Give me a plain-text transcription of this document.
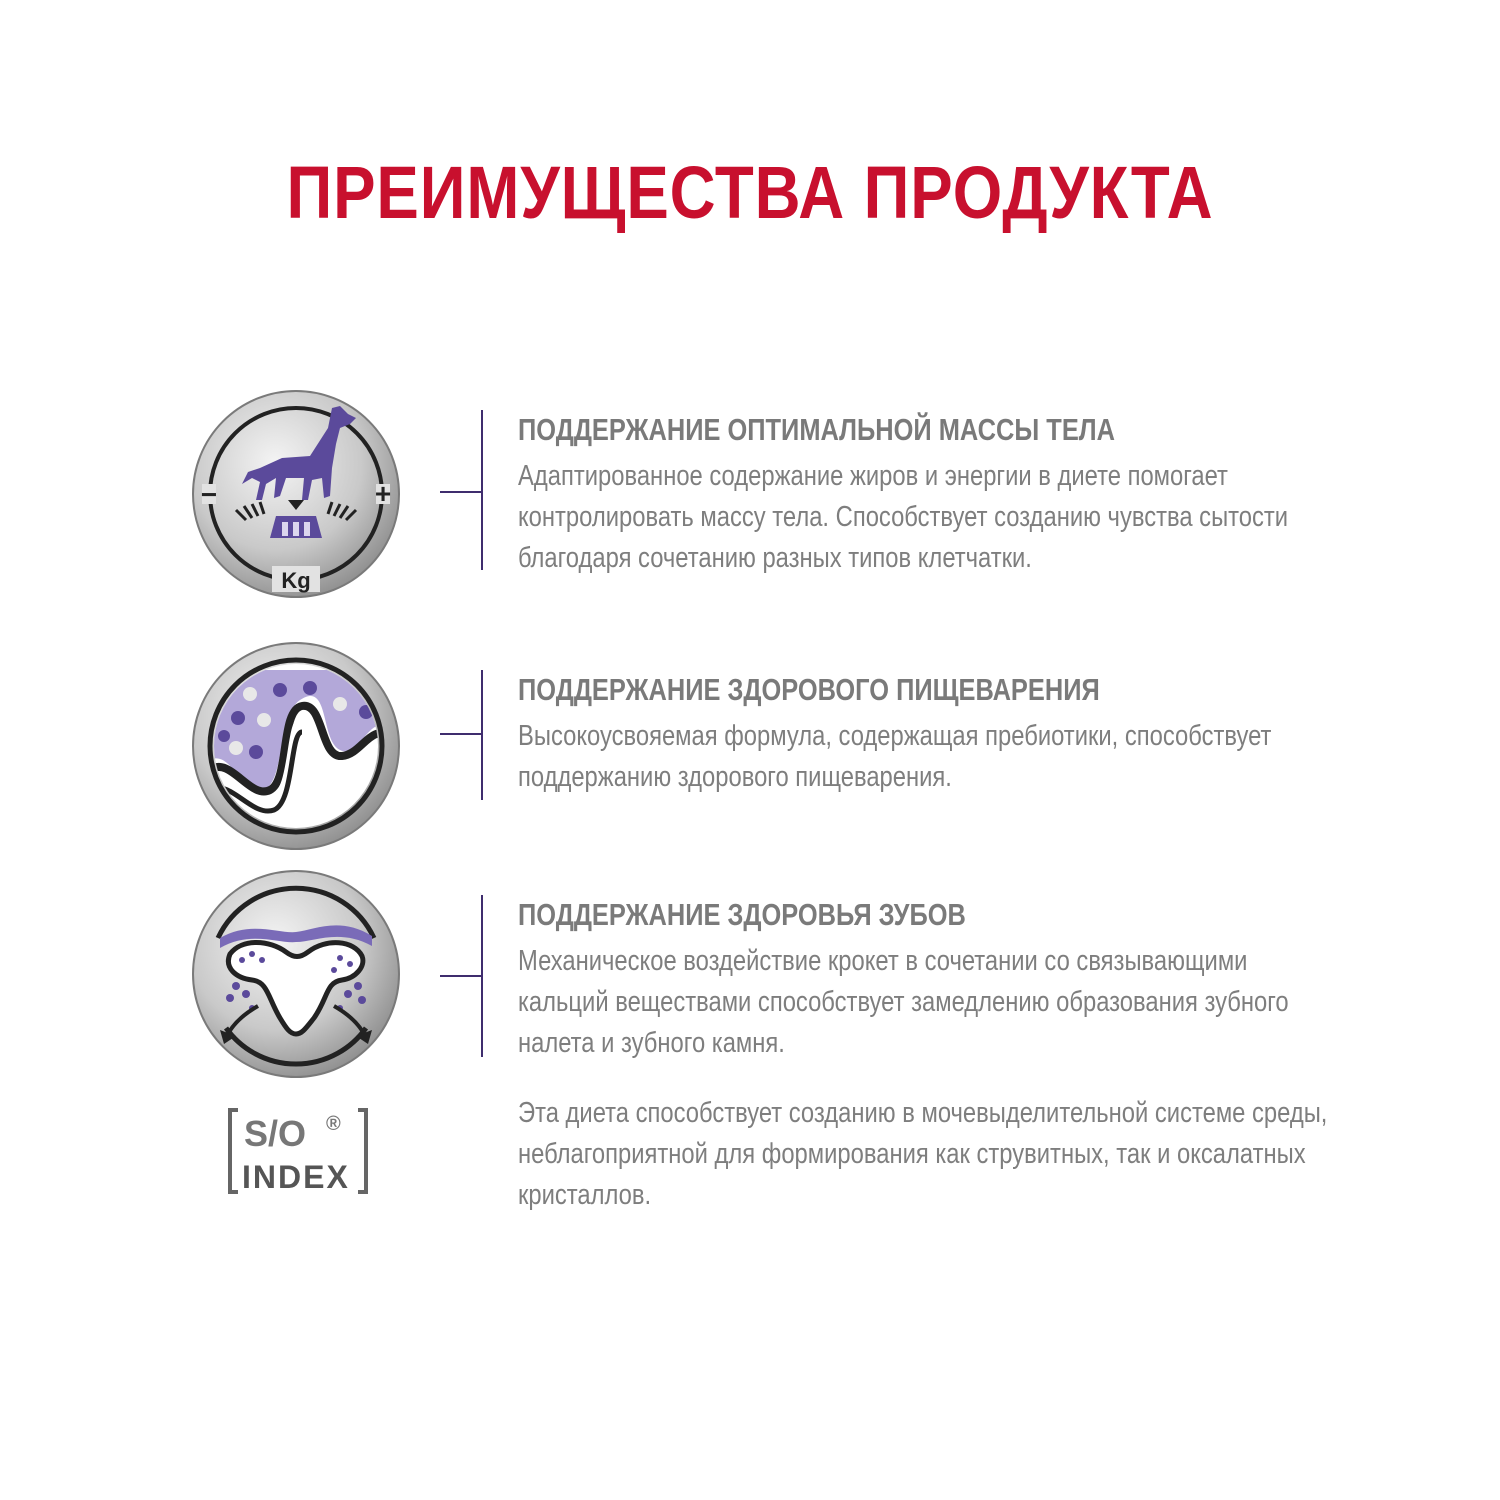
ПРЕИМУЩЕСТВА ПРОДУКТА
−	+
Kg
ПОДДЕРЖАНИЕ ОПТИМАЛЬНОЙ МАССЫ ТЕЛА
Адаптированное содержание жиров и энергии в диете помогает
контролировать массу тела. Способствует созданию чувства сытости
благодаря сочетанию разных типов клетчатки.
ПОДДЕРЖАНИЕ ЗДОРОВОГО ПИЩЕВАРЕНИЯ
Высокоусвояемая формула, содержащая пребиотики, способствует
поддержанию здорового пищеварения.
ПОДДЕРЖАНИЕ ЗДОРОВЬЯ ЗУБОВ
Механическое воздействие крокет в сочетании со связывающими
кальций веществами способствует замедлению образования зубного
налета и зубного камня.
S/O ®
INDEX
Эта диета способствует созданию в мочевыделительной системе среды,
неблагоприятной для формирования как струвитных, так и оксалатных
кристаллов.
